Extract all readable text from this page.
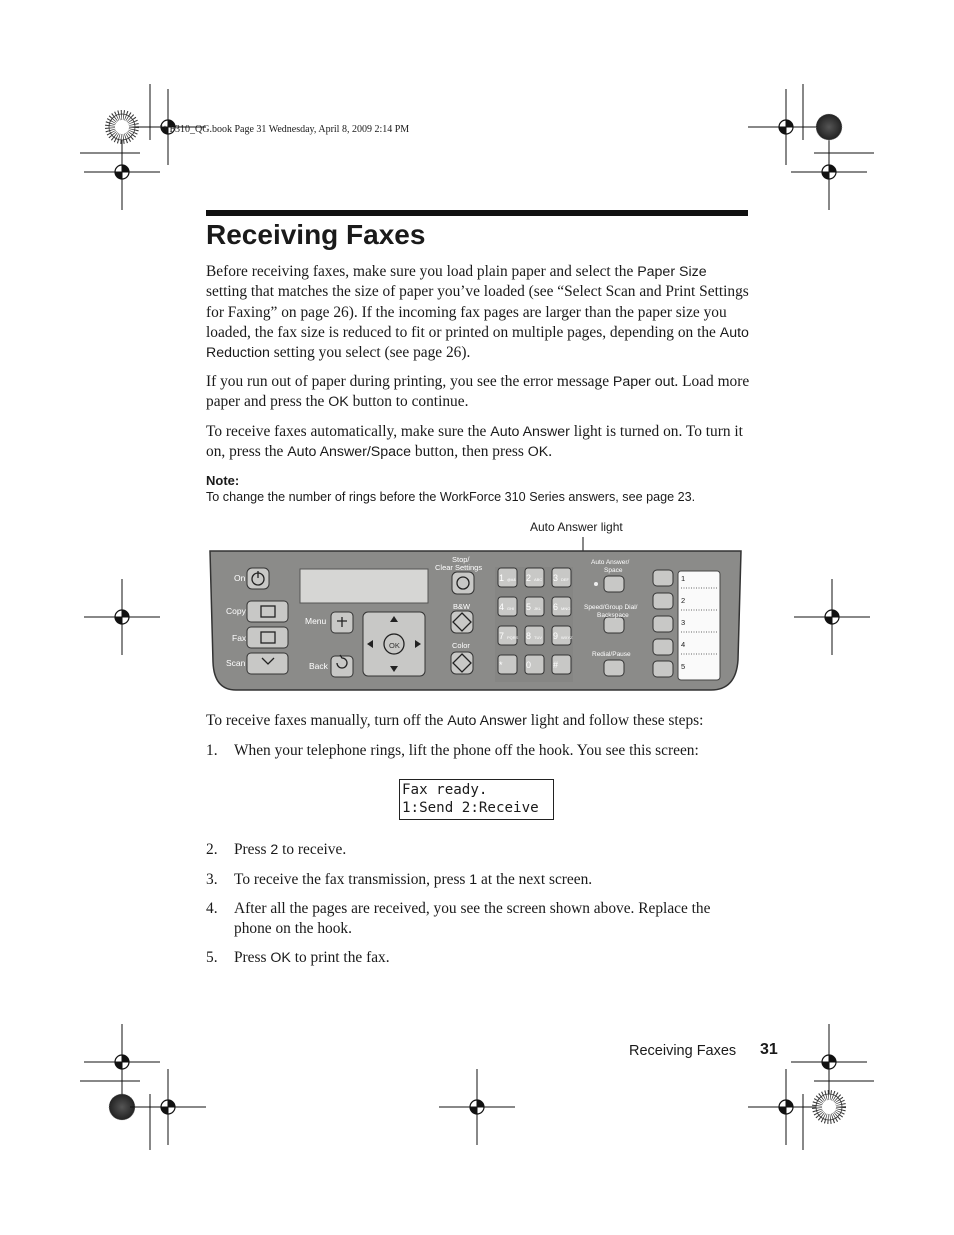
WF310_QG.book Page 31 Wednesday, April 8, 2009 2:14 PM
Receiving Faxes

Before receiving faxes, make sure you load plain paper and select the Paper Size setting that matches the size of paper you’ve loaded (see “Select Scan and Print Settings for Faxing” on page 26). If the incoming fax pages are larger than the paper size you loaded, the fax size is reduced to fit or printed on multiple pages, depending on the Auto Reduction setting you select (see page 26).

If you run out of paper during printing, you see the error message Paper out. Load more paper and press the OK button to continue.

To receive faxes automatically, make sure the Auto Answer light is turned on. To turn it on, press the Auto Answer/Space button, then press OK.

Note:
To change the number of rings before the WorkForce 310 Series answers, see page 23.
Auto Answer light
On
Copy
Fax
Scan
Menu
Back
OK
Stop/
Clear Settings
B&W
Color
Auto Answer/
Space
Speed/Group Dial/
Backspace
Redial/Pause
1 @#& 2 ABC 3 DEF
4 GHI 5 JKL 6 MNO
7 PQRS 8 TUV 9 WXYZ
*	0 #
1
2
3
4
5

To receive faxes manually, turn off the Auto Answer light and follow these steps:

1. When your telephone rings, lift the phone off the hook. You see this screen:
Fax ready.
1:Send 2:Receive
2. Press 2 to receive.
3. To receive the fax transmission, press 1 at the next screen.
4. After all the pages are received, you see the screen shown above. Replace the phone on the hook.
5. Press OK to print the fax.
Receiving Faxes 31
